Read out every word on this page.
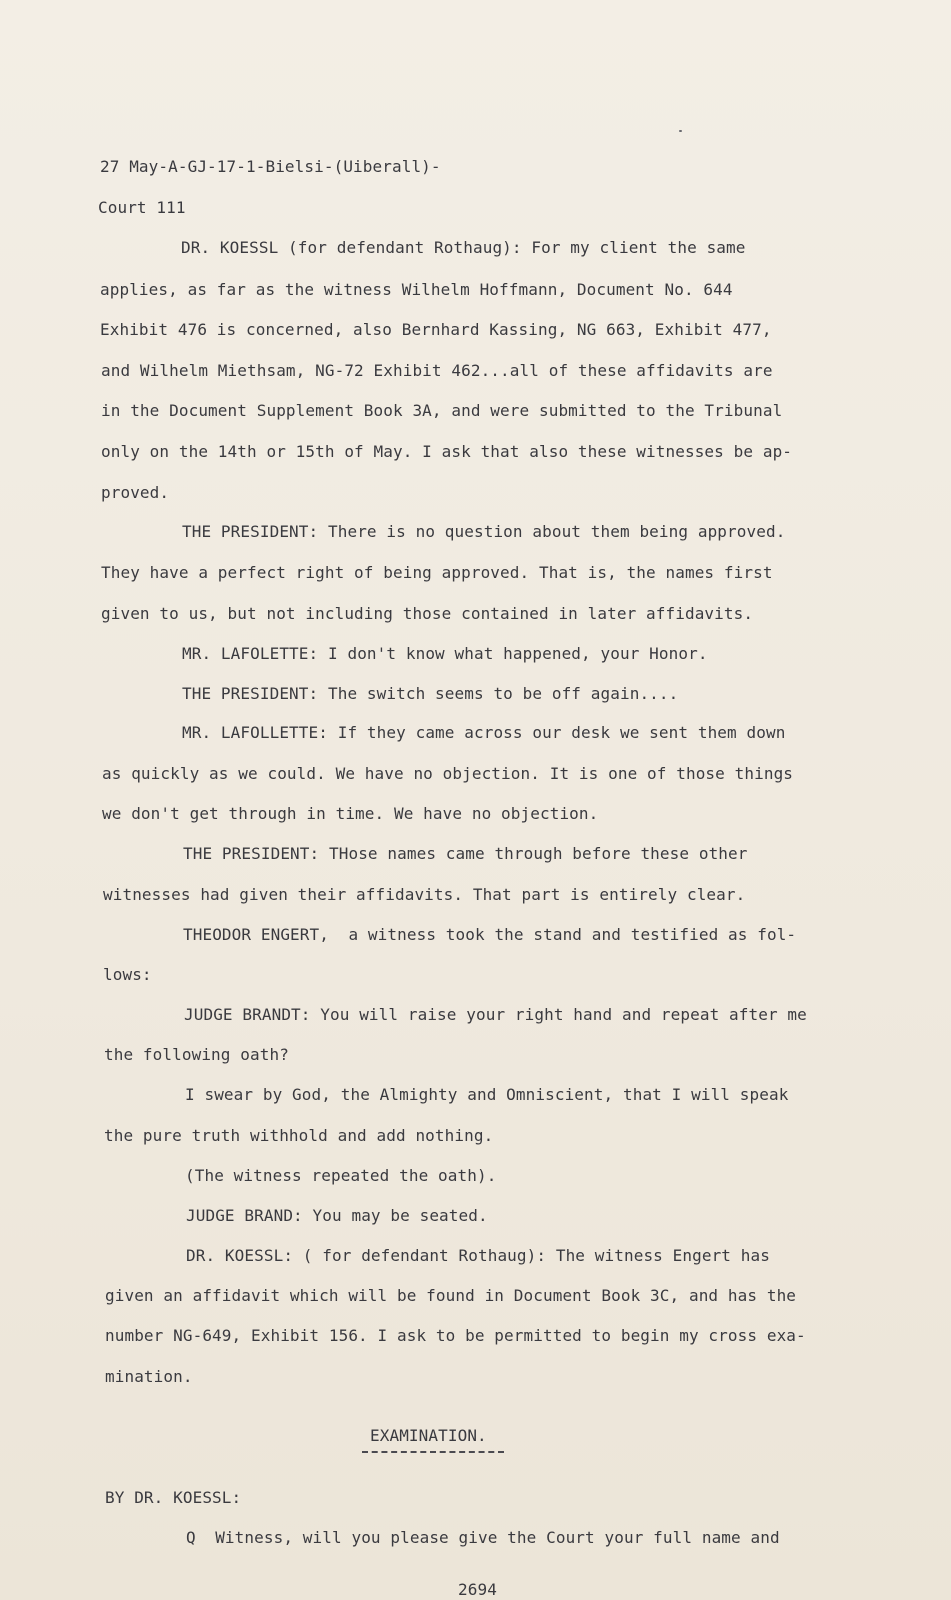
27 May-A-GJ-17-1-Bielsi-(Uiberall)-
Court 111
DR. KOESSL (for defendant Rothaug): For my client the same
applies, as far as the witness Wilhelm Hoffmann, Document No. 644
Exhibit 476 is concerned, also Bernhard Kassing, NG 663, Exhibit 477,
and Wilhelm Miethsam, NG-72 Exhibit 462...all of these affidavits are
in the Document Supplement Book 3A, and were submitted to the Tribunal
only on the 14th or 15th of May. I ask that also these witnesses be ap-
proved.
THE PRESIDENT: There is no question about them being approved.
They have a perfect right of being approved. That is, the names first
given to us, but not including those contained in later affidavits.
MR. LAFOLETTE: I don't know what happened, your Honor.
THE PRESIDENT: The switch seems to be off again....
MR. LAFOLLETTE: If they came across our desk we sent them down
as quickly as we could. We have no objection. It is one of those things
we don't get through in time. We have no objection.
THE PRESIDENT: THose names came through before these other
witnesses had given their affidavits. That part is entirely clear.
THEODOR ENGERT,  a witness took the stand and testified as fol-
lows:
JUDGE BRANDT: You will raise your right hand and repeat after me
the following oath?
I swear by God, the Almighty and Omniscient, that I will speak
the pure truth withhold and add nothing.
(The witness repeated the oath).
JUDGE BRAND: You may be seated.
DR. KOESSL: ( for defendant Rothaug): The witness Engert has
given an affidavit which will be found in Document Book 3C, and has the
number NG-649, Exhibit 156. I ask to be permitted to begin my cross exa-
mination.
EXAMINATION.
BY DR. KOESSL:
Q  Witness, will you please give the Court your full name and
2694
